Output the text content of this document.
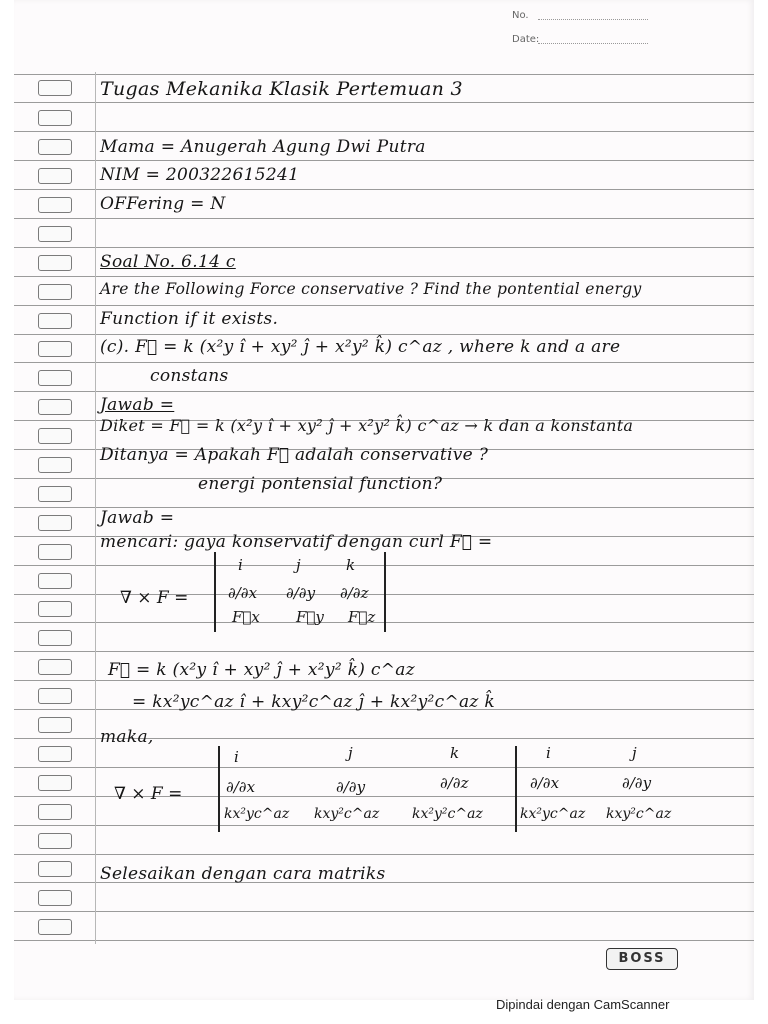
No.
Date:
Tugas Mekanika Klasik Pertemuan 3
Mama = Anugerah Agung Dwi Putra
NIM = 200322615241
OFFering = N
Soal No. 6.14 c
Are the Following Force conservative ? Find the pontential energy
Function if it exists.
(c). F⃗ = k (x²y î + xy² ĵ + x²y² k̂) c^az , where k and a are
constans
Jawab =
Diket = F⃗ = k (x²y î + xy² ĵ + x²y² k̂) c^az → k dan a konstanta
Ditanya = Apakah F⃗ adalah conservative ?
energi pontensial function?
Jawab =
mencari: gaya konservatif dengan curl F⃗ =
∇ × F =
i	j	k
∂/∂x ∂/∂y ∂/∂z
F⃗x F⃗y F⃗z
F⃗ = k (x²y î + xy² ĵ + x²y² k̂) c^az
= kx²yc^az î + kxy²c^az ĵ + kx²y²c^az k̂
maka,
∇ × F =
i	j	k	i	j
∂/∂x	∂/∂y	∂/∂z	∂/∂x	∂/∂y
kx²yc^az kxy²c^az kx²y²c^az	kx²yc^az kxy²c^az
Selesaikan dengan cara matriks
BOSS
Dipindai dengan CamScanner
